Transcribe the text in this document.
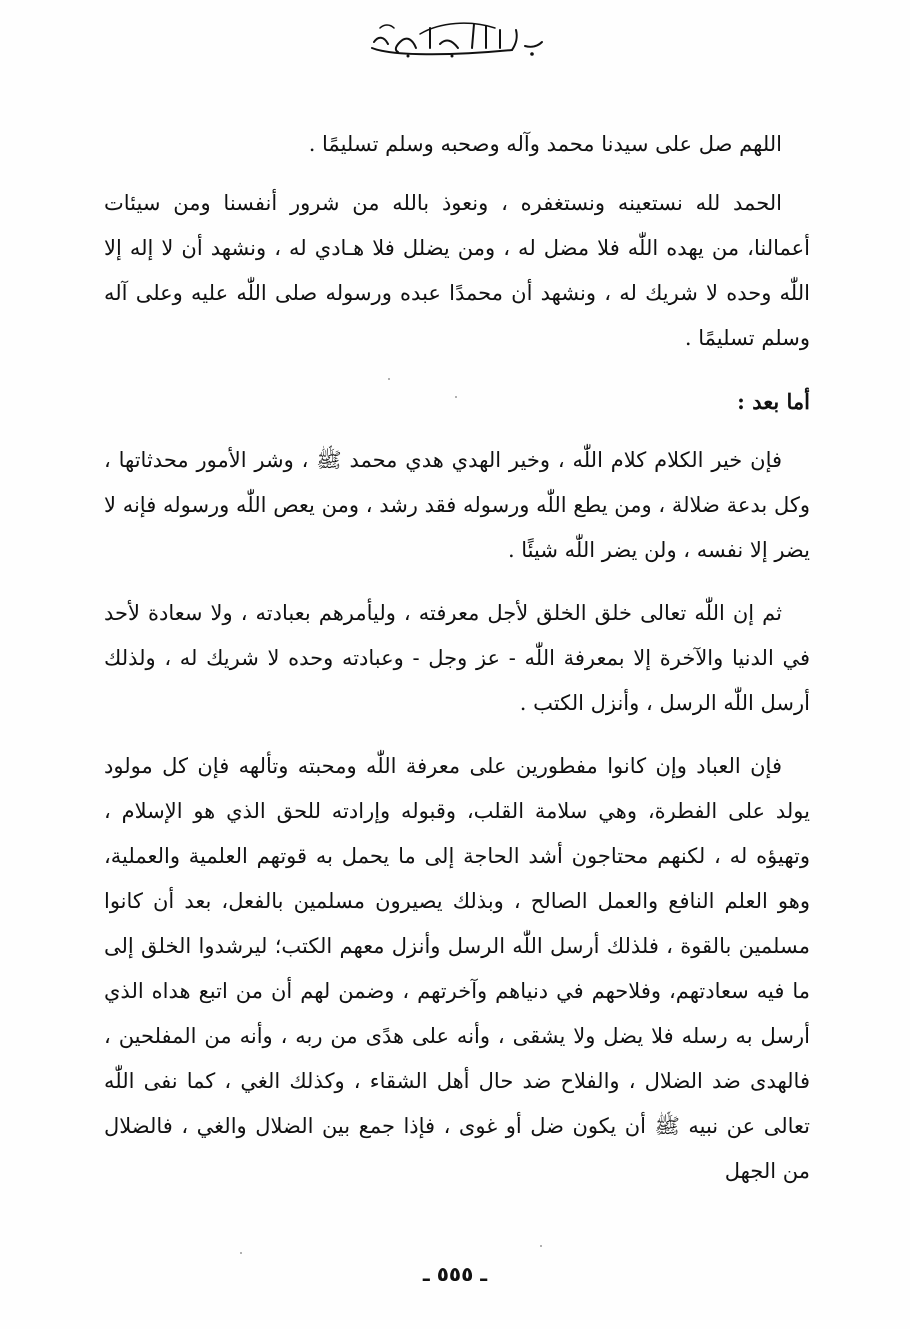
اللهم صل على سيدنا محمد وآله وصحبه وسلم تسليمًا .

الحمد لله نستعينه ونستغفره ، ونعوذ بالله من شرور أنفسنا ومن سيئات أعمالنا، من يهده اللّٰه فلا مضل له ، ومن يضلل فلا هـادي له ، ونشهد أن لا إله إلا اللّٰه وحده لا شريك له ، ونشهد أن محمدًا عبده ورسوله صلى اللّٰه عليه وعلى آله وسلم تسليمًا .

أما بعد :

فإن خير الكلام كلام اللّٰه ، وخير الهدي هدي محمد ﷺ ، وشر الأمور محدثاتها ، وكل بدعة ضلالة ، ومن يطع اللّٰه ورسوله فقد رشد ، ومن يعص اللّٰه ورسوله فإنه لا يضر إلا نفسه ، ولن يضر اللّٰه شيئًا .

ثم إن اللّٰه تعالى خلق الخلق لأجل معرفته ، وليأمرهم بعبادته ، ولا سعادة لأحد في الدنيا والآخرة إلا بمعرفة اللّٰه - عز وجل - وعبادته وحده لا شريك له ، ولذلك أرسل اللّٰه الرسل ، وأنزل الكتب .

فإن العباد وإن كانوا مفطورين على معرفة اللّٰه ومحبته وتألهه فإن كل مولود يولد على الفطرة، وهي سلامة القلب، وقبوله وإرادته للحق الذي هو الإسلام ، وتهيؤه له ، لكنهم محتاجون أشد الحاجة إلى ما يحمل به قوتهم العلمية والعملية، وهو العلم النافع والعمل الصالح ، وبذلك يصيرون مسلمين بالفعل، بعد أن كانوا مسلمين بالقوة ، فلذلك أرسل اللّٰه الرسل وأنزل معهم الكتب؛ ليرشدوا الخلق إلى ما فيه سعادتهم، وفلاحهم في دنياهم وآخرتهم ، وضمن لهم أن من اتبع هداه الذي أرسل به رسله فلا يضل ولا يشقى ، وأنه على هدًى من ربه ، وأنه من المفلحين ، فالهدى ضد الضلال ، والفلاح ضد حال أهل الشقاء ، وكذلك الغي ، كما نفى اللّٰه تعالى عن نبيه ﷺ أن يكون ضل أو غوى ، فإذا جمع بين الضلال والغي ، فالضلال من الجهل

ـ ٥٥٥ ـ
